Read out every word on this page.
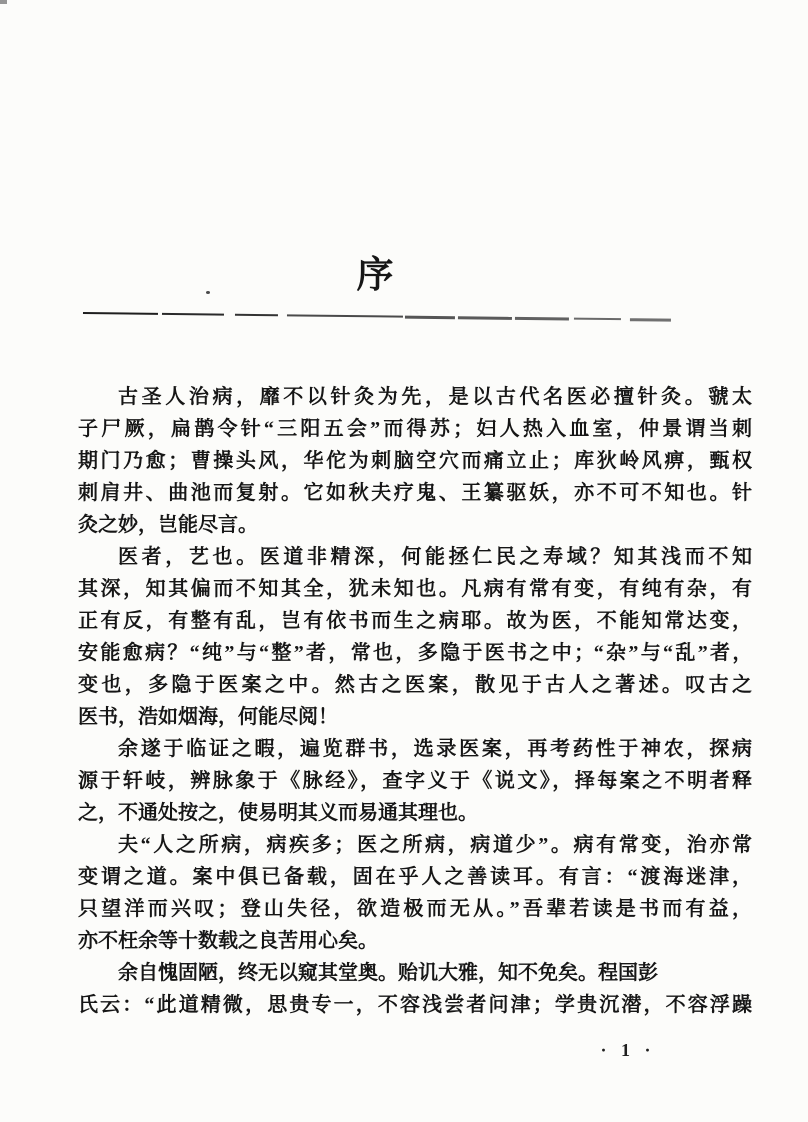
序
古圣人治病，靡不以针灸为先，是以古代名医必擅针灸。虢太
子尸厥，扁鹊令针“三阳五会”而得苏；妇人热入血室，仲景谓当刺
期门乃愈；曹操头风，华佗为刺脑空穴而痛立止；库狄岭风痹，甄权
刺肩井、曲池而复射。它如秋夫疗鬼、王纂驱妖，亦不可不知也。针
灸之妙，岂能尽言。
医者，艺也。医道非精深，何能拯仁民之寿域？知其浅而不知
其深，知其偏而不知其全，犹未知也。凡病有常有变，有纯有杂，有
正有反，有整有乱，岂有依书而生之病耶。故为医，不能知常达变，
安能愈病？“纯”与“整”者，常也，多隐于医书之中；“杂”与“乱”者，
变也，多隐于医案之中。然古之医案，散见于古人之著述。叹古之
医书，浩如烟海，何能尽阅！
余遂于临证之暇，遍览群书，选录医案，再考药性于神农，探病
源于轩岐，辨脉象于《脉经》，查字义于《说文》，择每案之不明者释
之，不通处按之，使易明其义而易通其理也。
夫“人之所病，病疾多；医之所病，病道少”。病有常变，治亦常
变谓之道。案中俱已备载，固在乎人之善读耳。有言：“渡海迷津，
只望洋而兴叹；登山失径，欲造极而无从。”吾辈若读是书而有益，
亦不枉余等十数载之良苦用心矣。
余自愧固陋，终无以窥其堂奥。贻讥大雅，知不免矣。程国彭
氏云：“此道精微，思贵专一，不容浅尝者问津；学贵沉潜，不容浮躁
· 1 ·
